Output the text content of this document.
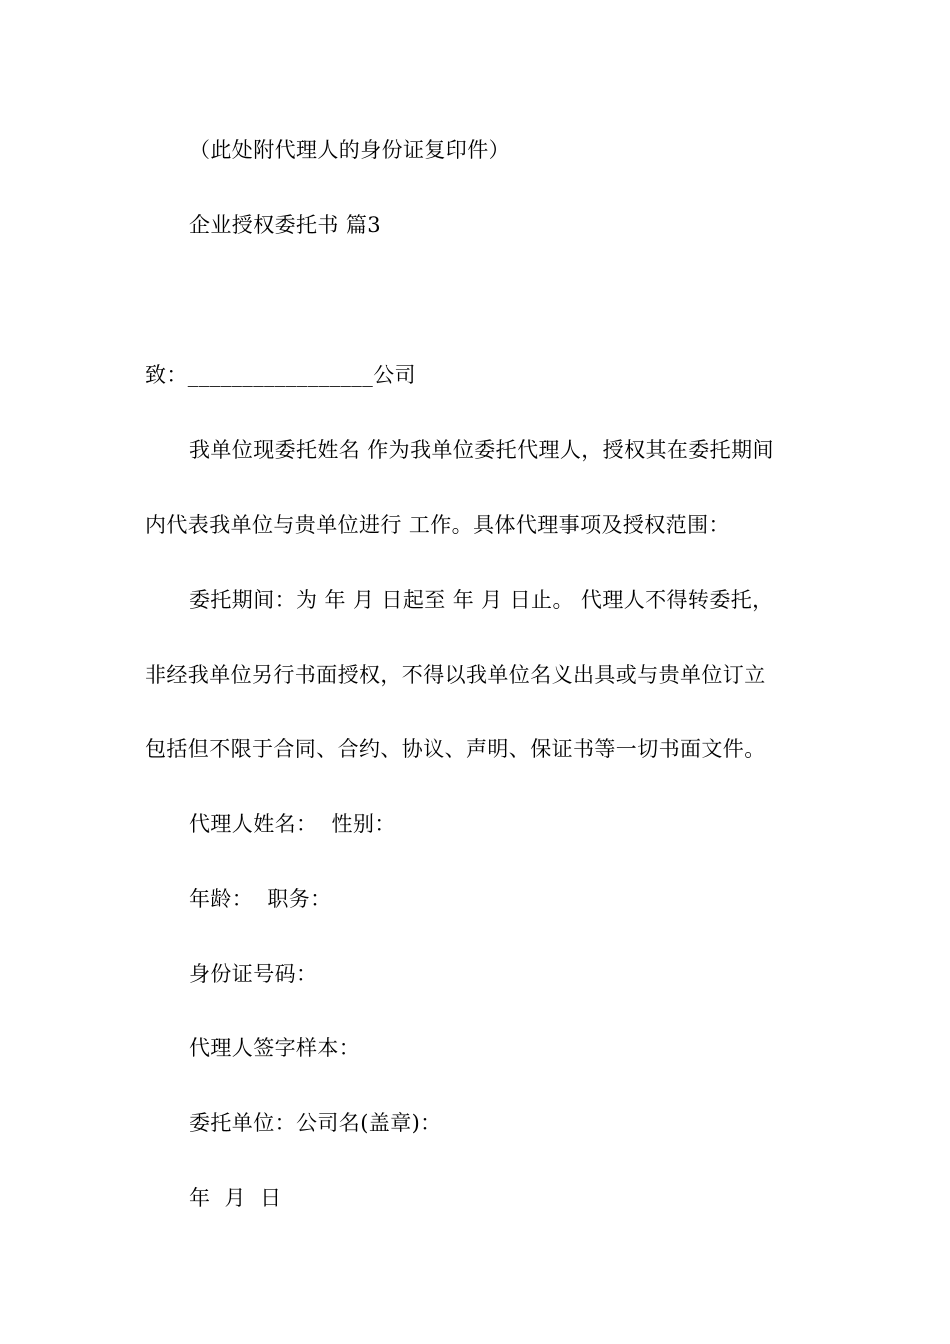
（此处附代理人的身份证复印件）
企业授权委托书 篇3
致：_________________公司
我单位现委托姓名 作为我单位委托代理人，授权其在委托期间
内代表我单位与贵单位进行 工作。具体代理事项及授权范围：
委托期间：为 年 月 日起至 年 月 日止。 代理人不得转委托，
非经我单位另行书面授权，不得以我单位名义出具或与贵单位订立
包括但不限于合同、合约、协议、声明、保证书等一切书面文件。
代理人姓名：  性别：
年龄：  职务：
身份证号码：
代理人签字样本：
委托单位：公司名(盖章)：
年  月  日
